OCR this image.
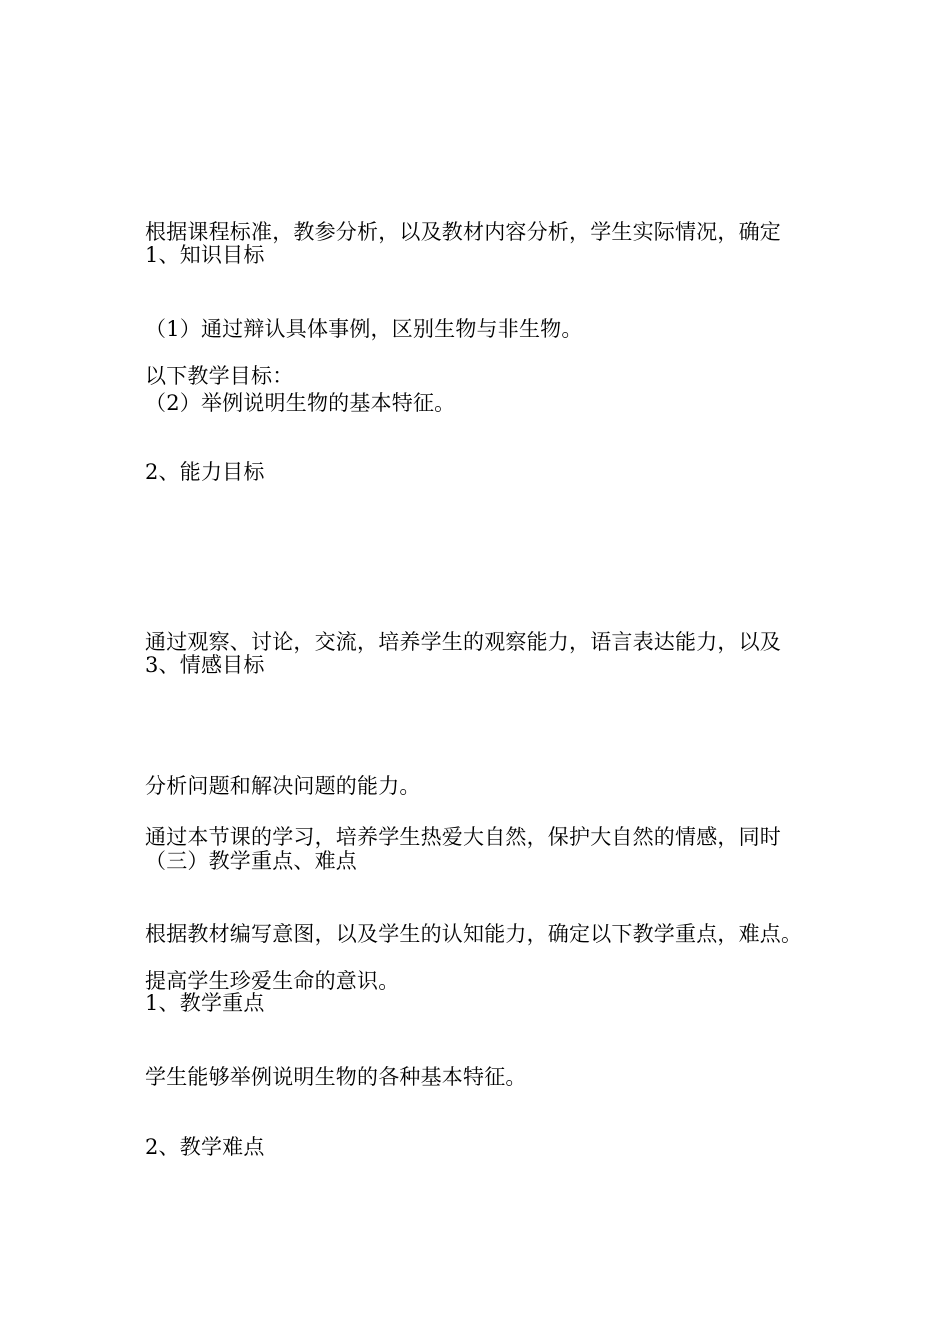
根据课程标准，教参分析，以及教材内容分析，学生实际情况，确定

以下教学目标：

1、知识目标
（1）通过辩认具体事例，区别生物与非生物。
（2）举例说明生物的基本特征。
2、能力目标

通过观察、讨论，交流，培养学生的观察能力，语言表达能力，以及

分析问题和解决问题的能力。

3、情感目标

通过本节课的学习，培养学生热爱大自然，保护大自然的情感，同时

提高学生珍爱生命的意识。

（三）教学重点、难点
根据教材编写意图，以及学生的认知能力，确定以下教学重点，难点。
1、教学重点
学生能够举例说明生物的各种基本特征。
2、教学难点
